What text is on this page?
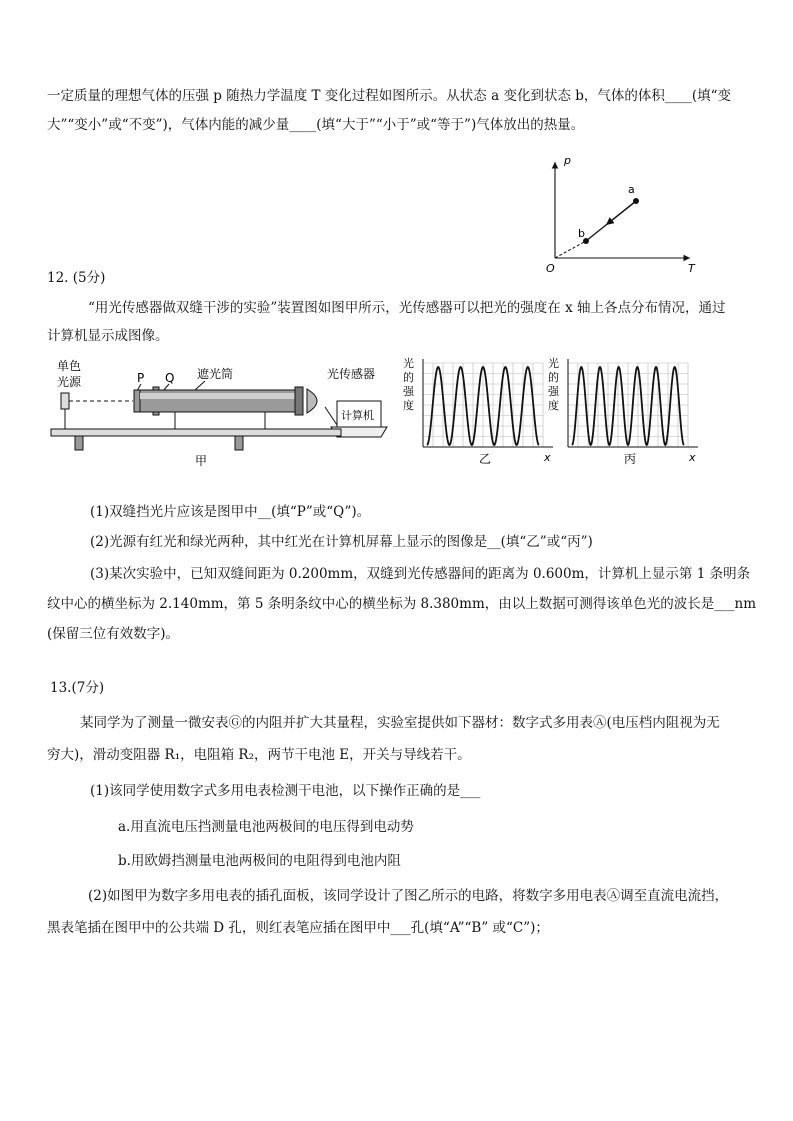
一定质量的理想气体的压强 p 随热力学温度 T 变化过程如图所示。从状态 a 变化到状态 b，气体的体积____(填“变
大”“变小”或“不变”)，气体内能的减少量____(填“大于”“小于”或“等于”)气体放出的热量。
p
T
O
a
b
12. (5分)
“用光传感器做双缝干涉的实验”装置图如图甲所示，光传感器可以把光的强度在 x 轴上各点分布情况，通过
计算机显示成图像。
单色
光源	P Q 遮光筒	光传感器
计算机
甲
光
的
强
度
x
乙
光
的
强
度
x
丙
(1)双缝挡光片应该是图甲中__(填“P”或“Q”)。
(2)光源有红光和绿光两种，其中红光在计算机屏幕上显示的图像是__(填“乙”或“丙”)
(3)某次实验中，已知双缝间距为 0.200mm，双缝到光传感器间的距离为 0.600m，计算机上显示第 1 条明条
纹中心的横坐标为 2.140mm，第 5 条明条纹中心的横坐标为 8.380mm，由以上数据可测得该单色光的波长是___nm
(保留三位有效数字)。
13.(7分)
某同学为了测量一微安表Ⓖ的内阻并扩大其量程，实验室提供如下器材：数字式多用表Ⓐ(电压档内阻视为无
穷大)，滑动变阻器 R₁，电阻箱 R₂，两节干电池 E，开关与导线若干。
(1)该同学使用数字式多用电表检测干电池，以下操作正确的是___
a.用直流电压挡测量电池两极间的电压得到电动势
b.用欧姆挡测量电池两极间的电阻得到电池内阻
(2)如图甲为数字多用电表的插孔面板，该同学设计了图乙所示的电路，将数字多用电表Ⓐ调至直流电流挡，
黑表笔插在图甲中的公共端 D 孔，则红表笔应插在图甲中___孔(填“A”“B” 或“C”)；
